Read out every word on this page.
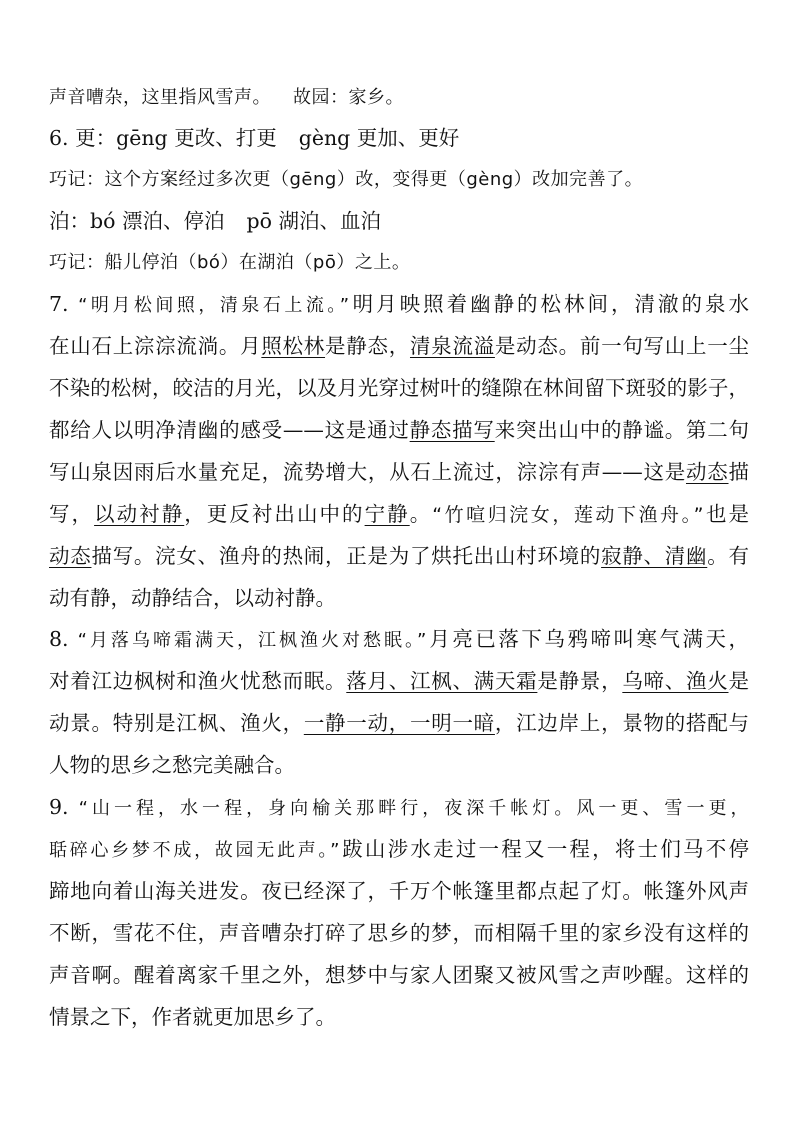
声音嘈杂，这里指风雪声。 故园：家乡。
6. 更：gēng 更改、打更 gèng 更加、更好
巧记：这个方案经过多次更（gēng）改，变得更（gèng）改加完善了。
泊：bó 漂泊、停泊 pō 湖泊、血泊
巧记：船儿停泊（bó）在湖泊（pō）之上。
7. “明月松间照，清泉石上流。”明月映照着幽静的松林间，清澈的泉水
在山石上淙淙流淌。月照松林是静态，清泉流溢是动态。前一句写山上一尘
不染的松树，皎洁的月光，以及月光穿过树叶的缝隙在林间留下斑驳的影子，
都给人以明净清幽的感受——这是通过静态描写来突出山中的静谧。第二句
写山泉因雨后水量充足，流势增大，从石上流过，淙淙有声——这是动态描
写，以动衬静，更反衬出山中的宁静。“竹喧归浣女，莲动下渔舟。”也是
动态描写。浣女、渔舟的热闹，正是为了烘托出山村环境的寂静、清幽。有
动有静，动静结合，以动衬静。
8. “月落乌啼霜满天，江枫渔火对愁眠。”月亮已落下乌鸦啼叫寒气满天，
对着江边枫树和渔火忧愁而眠。落月、江枫、满天霜是静景，乌啼、渔火是
动景。特别是江枫、渔火，一静一动，一明一暗，江边岸上，景物的搭配与
人物的思乡之愁完美融合。
9. “山一程，水一程，身向榆关那畔行，夜深千帐灯。风一更、雪一更，
聒碎心乡梦不成，故园无此声。”跋山涉水走过一程又一程，将士们马不停
蹄地向着山海关进发。夜已经深了，千万个帐篷里都点起了灯。帐篷外风声
不断，雪花不住，声音嘈杂打碎了思乡的梦，而相隔千里的家乡没有这样的
声音啊。醒着离家千里之外，想梦中与家人团聚又被风雪之声吵醒。这样的
情景之下，作者就更加思乡了。
